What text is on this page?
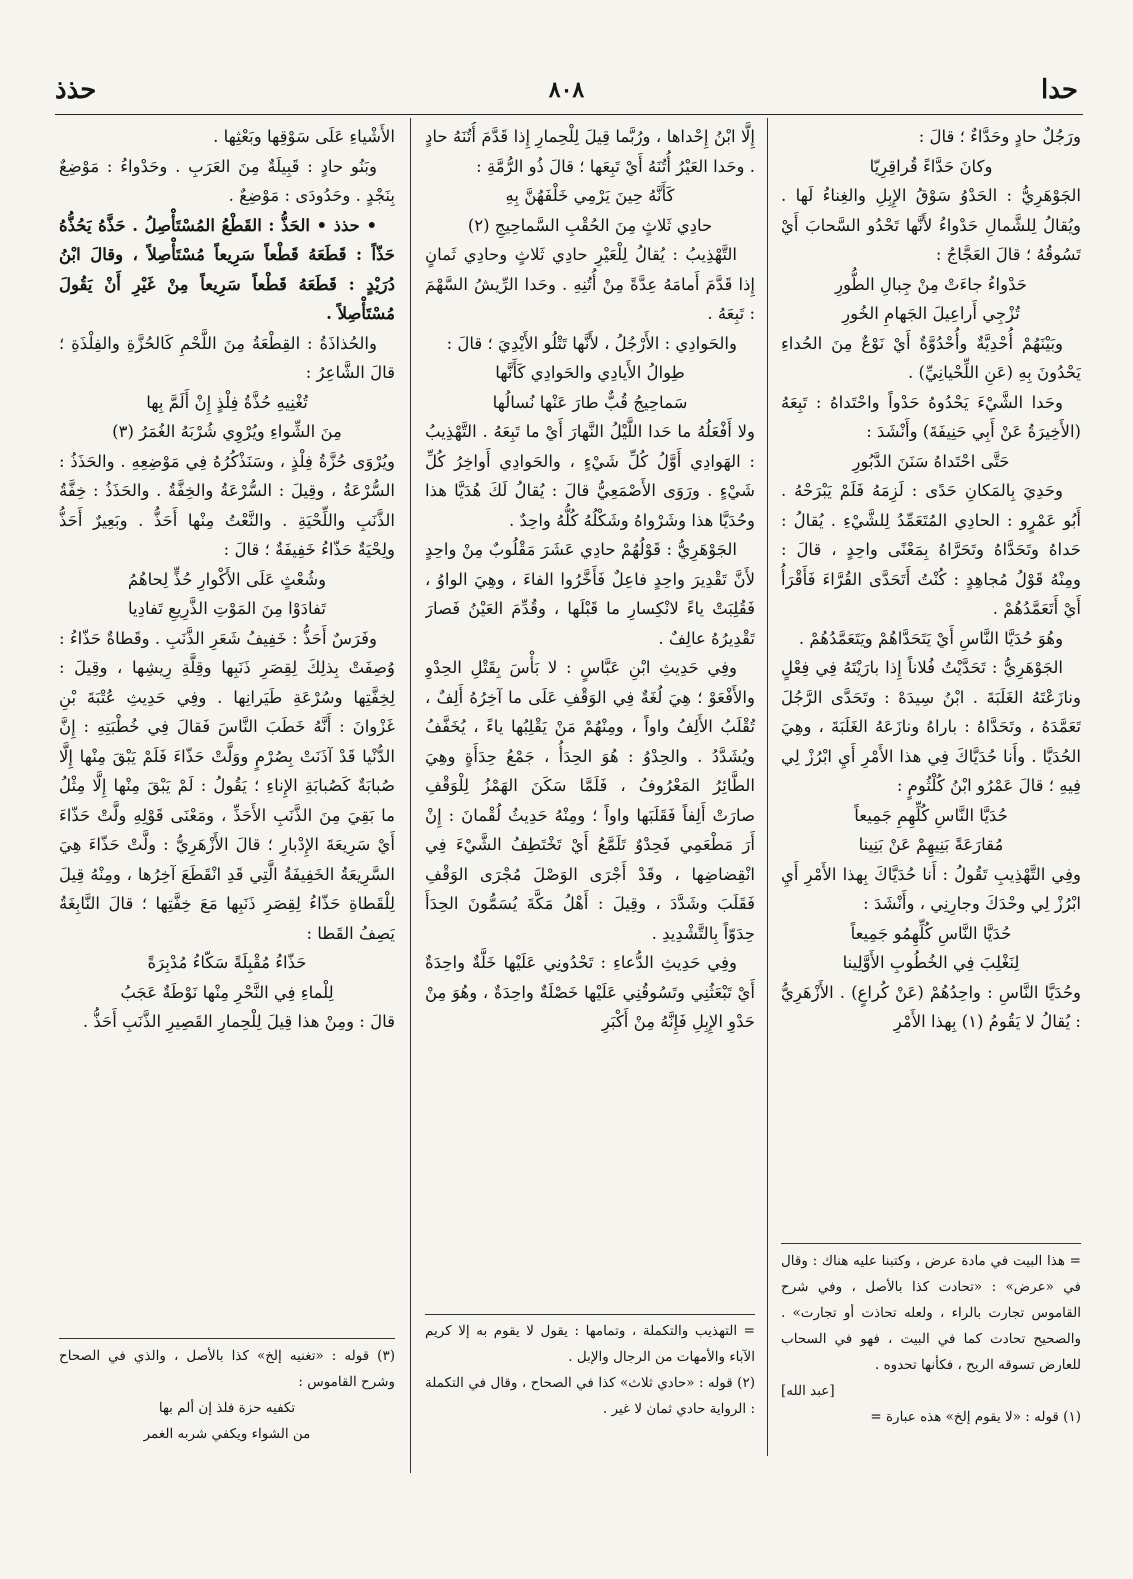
حدا
٨٠٨
حذذ

ورَجُلٌ حادٍ وحَدَّاءٌ ؛ قالَ :

وكانَ حَدَّاءً قُراقِرِيّا

الجَوْهَرِيُّ : الحَدْوُ سَوْقُ الإِبِلِ والغِناءُ لَها . ويُقالُ لِلشَّمالِ حَدْواءُ لأَنَّها تَحْدُو السَّحابَ أَيْ تَسُوقُهُ ؛ قالَ العَجَّاجُ :

حَدْواءُ جاءَتْ مِنْ جِبالِ الطُّورِ

تُزْجِي أَراعِيلَ الجَهامِ الخُورِ

وبَيْنَهُمْ أُحْدِيَّةٌ وأُحْدُوَّةٌ أَيْ نَوْعٌ مِنَ الحُداءِ يَحْدُونَ بِهِ (عَنِ اللِّحْيانِيِّ) .

وحَدا الشَّيْءَ يَحْدُوهُ حَدْواً واحْتَداهُ : تَبِعَهُ (الأَخِيرَةُ عَنْ أَبِي حَنِيفَةَ) وأَنْشَدَ :

حَتَّى احْتَداهُ سَنَنَ الدَّبُورِ

وحَدِيَ بِالمَكانِ حَدًى : لَزِمَهُ فَلَمْ يَبْرَحْهُ . أَبُو عَمْرٍو : الحادِي المُتَعَمِّدُ لِلشَّيْءِ . يُقالُ : حَداهُ وتَحَدَّاهُ وتَحَرَّاهُ بِمَعْنًى واحِدٍ ، قالَ : ومِنْهُ قَوْلُ مُجاهِدٍ : كُنْتُ أَتَحَدَّى القُرَّاءَ فَأَقْرَأُ أَيْ أَتَعَمَّدُهُمْ .

وهُوَ حُدَيَّا النَّاسِ أَيْ يَتَحَدَّاهُمْ ويَتَعَمَّدُهُمْ .

الجَوْهَرِيُّ : تَحَدَّيْتُ فُلاناً إِذا بارَيْتَهُ فِي فِعْلٍ ونازَعْتَهُ الغَلَبَةَ . ابْنُ سِيدَهْ : وتَحَدَّى الرَّجُلَ تَعَمَّدَهُ ، وتَحَدَّاهُ : باراهُ ونازَعَهُ الغَلَبَةَ ، وهِيَ الحُدَيَّا . وأَنا حُدَيَّاكَ فِي هذا الأَمْرِ أَيِ ابْرُزْ لِي فِيهِ ؛ قالَ عَمْرُو ابْنُ كُلْثُومٍ :

حُدَيَّا النَّاسِ كُلِّهِمِ جَمِيعاً

مُقارَعَةً بَنِيهِمْ عَنْ بَنِينا

وفِي التَّهْذِيبِ تَقُولُ : أَنا حُدَيَّاكَ بِهذا الأَمْرِ أَيِ ابْرُزْ لِي وحْدَكَ وجارِنِي ، وأَنْشَدَ :

حُدَيَّا النَّاسِ كُلِّهِمُو جَمِيعاً

لِنَغْلِبَ فِي الخُطُوبِ الأَوَّلِينا

وحُدَيَّا النَّاسِ : واحِدُهُمْ (عَنْ كُراعٍ) . الأَزْهَرِيُّ : يُقالُ لا يَقُومُ (١) بِهذا الأَمْرِ

إِلَّا ابْنُ إِحْداها ، ورُبَّما قِيلَ لِلْحِمارِ إِذا قَدَّمَ أُتُنَهُ حادٍ . وحَدا العَيْرُ أُتُنَهُ أَيْ تَبِعَها ؛ قالَ ذُو الرُّمَّةِ :

كَأَنَّهُ حِينَ يَرْمِي خَلْفَهُنَّ بِهِ

حادِي ثَلاثٍ مِنَ الحُقْبِ السَّماحِيجِ (٢)

التَّهْذِيبُ : يُقالُ لِلْعَيْرِ حادِي ثَلاثٍ وحادِي ثَمانٍ إِذا قَدَّمَ أَمامَهُ عِدَّةً مِنْ أُتُنِهِ . وحَدا الرِّيشُ السَّهْمَ : تَبِعَهُ .

والحَوادِي : الأَرْجُلُ ، لأَنَّها تَتْلُو الأَيْدِيَ ؛ قالَ :

طِوالُ الأَيادِي والحَوادِي كَأَنَّها

سَماحِيجُ قُبٌّ طارَ عَنْها نُسالُها

ولا أَفْعَلُهُ ما حَدا اللَّيْلُ النَّهارَ أَيْ ما تَبِعَهُ . التَّهْذِيبُ : الهَوادِي أَوَّلُ كُلِّ شَيْءٍ ، والحَوادِي أَواخِرُ كُلِّ شَيْءٍ . ورَوَى الأَصْمَعِيُّ قالَ : يُقالُ لَكَ هُدَيَّا هذا وحُدَيَّا هذا وشَرْواهُ وشَكْلُهُ كُلُّهُ واحِدٌ .

الجَوْهَرِيُّ : قَوْلُهُمْ حادِي عَشَرَ مَقْلُوبٌ مِنْ واحِدٍ لأَنَّ تَقْدِيرَ واحِدٍ فاعِلٌ فَأَخَّرُوا الفاءَ ، وهِيَ الواوُ ، فَقُلِبَتْ ياءً لانْكِسارِ ما قَبْلَها ، وقُدِّمَ العَيْنُ فَصارَ تَقْدِيرُهُ عالِفٌ .

وفِي حَدِيثِ ابْنِ عَبَّاسٍ : لا بَأْسَ بِقَتْلِ الحِدْوِ والأَفْعَوْ ؛ هِيَ لُغَةٌ فِي الوَقْفِ عَلَى ما آخِرُهُ أَلِفٌ ، تُقْلَبُ الأَلِفُ واواً ، ومِنْهُمْ مَنْ يَقْلِبُها ياءً ، يُخَفَّفُ ويُشَدَّدُ . والحِدْوُ : هُوَ الحِدَأُ ، جَمْعُ حِدَأَةٍ وهِيَ الطَّائِرُ المَعْرُوفُ ، فَلَمَّا سَكَنَ الهَمْزُ لِلْوَقْفِ صارَتْ أَلِفاً فَقَلَبَها واواً ؛ ومِنْهُ حَدِيثُ لُقْمانَ : إِنْ أَرَ مَطْعَمِي فَحِدْوٌ تَلَمَّعُ أَيْ تَخْتَطِفُ الشَّيْءَ فِي انْقِضاضِها ، وقَدْ أَجْرَى الوَصْلَ مُجْرَى الوَقْفِ فَقَلَبَ وشَدَّدَ ، وقِيلَ : أَهْلُ مَكَّةَ يُسَمُّونَ الحِدَأَ حِدَوّاً بِالتَّشْدِيدِ .

وفِي حَدِيثِ الدُّعاءِ : تَحْدُونِي عَلَيْها خَلَّةٌ واحِدَةٌ أَيْ تَبْعَثُنِي وتَسُوقُنِي عَلَيْها خَصْلَةٌ واحِدَةٌ ، وهُوَ مِنْ حَدْوِ الإِبِلِ فَإِنَّهُ مِنْ أَكْبَرِ

الأَشْياءِ عَلَى سَوْقِها وبَعْثِها .

وبَنُو حادٍ : قَبِيلَةٌ مِنَ العَرَبِ . وحَدْواءُ : مَوْضِعٌ بِنَجْدٍ . وحَدُودَى : مَوْضِعٌ .

• حذذ • الحَذُّ : القَطْعُ المُسْتَأْصِلُ . حَذَّهُ يَحُذُّهُ حَذّاً : قَطَعَهُ قَطْعاً سَرِيعاً مُسْتَأْصِلاً ، وقالَ ابْنُ دُرَيْدٍ : قَطَعَهُ قَطْعاً سَرِيعاً مِنْ غَيْرِ أَنْ يَقُولَ مُسْتَأْصِلاً .

والحُذاذَةُ : القِطْعَةُ مِنَ اللَّحْمِ كَالحُزَّةِ والفِلْذَةِ ؛ قالَ الشَّاعِرُ :

تُغْنِيهِ حُذَّةُ فِلْذٍ إِنْ أَلَمَّ بِها

مِنَ الشِّواءِ ويُرْوِي شُرْبَهُ الغُمَرُ (٣)

ويُرْوَى حُزَّةُ فِلْذٍ ، وسَنَذْكُرُهُ فِي مَوْضِعِهِ . والحَذَذُ : السُّرْعَةُ ، وقِيلَ : السُّرْعَةُ والخِفَّةُ . والحَذَذُ : خِفَّةُ الذَّنَبِ واللِّحْيَةِ . والنَّعْتُ مِنْها أَحَذُّ . وبَعِيرٌ أَحَذُّ ولِحْيَةٌ حَذّاءُ خَفِيفَةٌ ؛ قالَ :

وشُعْثٍ عَلَى الأَكْوارِ حُذٍّ لِحاهُمُ

تَفادَوْا مِنَ المَوْتِ الذَّرِيعِ تَفادِيا

وفَرَسٌ أَحَذُّ : خَفِيفُ شَعَرِ الذَّنَبِ . وقَطاةٌ حَذّاءُ : وُصِفَتْ بِذلِكَ لِقِصَرِ ذَنَبِها وقِلَّةِ رِيشِها ، وقِيلَ : لِخِفَّتِها وسُرْعَةِ طَيَرانِها . وفِي حَدِيثِ عُتْبَةَ بْنِ غَزْوانَ : أَنَّهُ خَطَبَ النَّاسَ فَقالَ فِي خُطْبَتِهِ : إِنَّ الدُّنْيا قَدْ آذَنَتْ بِصُرْمٍ ووَلَّتْ حَذّاءَ فَلَمْ يَبْقَ مِنْها إِلَّا صُبابَةٌ كَصُبابَةِ الإِناءِ ؛ يَقُولُ : لَمْ يَبْقَ مِنْها إِلَّا مِثْلُ ما بَقِيَ مِنَ الذَّنَبِ الأَحَذِّ ، ومَعْنَى قَوْلِهِ ولَّتْ حَذّاءَ أَيْ سَرِيعَةَ الإِدْبارِ ؛ قالَ الأَزْهَرِيُّ : ولَّتْ حَذّاءَ هِيَ السَّرِيعَةُ الخَفِيفَةُ الَّتِي قَدِ انْقَطَعَ آخِرُها ، ومِنْهُ قِيلَ لِلْقَطاةِ حَذّاءُ لِقِصَرِ ذَنَبِها مَعَ خِفَّتِها ؛ قالَ النَّابِغَةُ يَصِفُ القَطا :

حَذّاءُ مُقْبِلَةً سَكّاءُ مُدْبِرَةً

لِلْماءِ فِي النَّحْرِ مِنْها نَوْطَةٌ عَجَبُ

قالَ : ومِنْ هذا قِيلَ لِلْحِمارِ القَصِيرِ الذَّنَبِ أَحَذُّ .

= هذا البيت في مادة عرض ، وكتبنا عليه هناك : وقال في «عرض» : «تحادت كذا بالأصل ، وفي شرح القاموس تجارت بالراء ، ولعله تحاذت أو تجارت» . والصحيح تحادت كما في البيت ، فهو في السحاب للعارض تسوقه الريح ، فكأنها تحدوه .

[عبد الله]

(١) قوله : «لا يقوم إلخ» هذه عبارة =

= التهذيب والتكملة ، وتمامها : يقول لا يقوم به إلا كريم الآباء والأمهات من الرجال والإبل .

(٢) قوله : «حادي ثلاث» كذا في الصحاح ، وقال في التكملة : الرواية حادي ثمان لا غير .

(٣) قوله : «تغنيه إلخ» كذا بالأصل ، والذي في الصحاح وشرح القاموس :

تكفيه حزة فلذ إن ألم بها

من الشواء ويكفي شربه الغمر
